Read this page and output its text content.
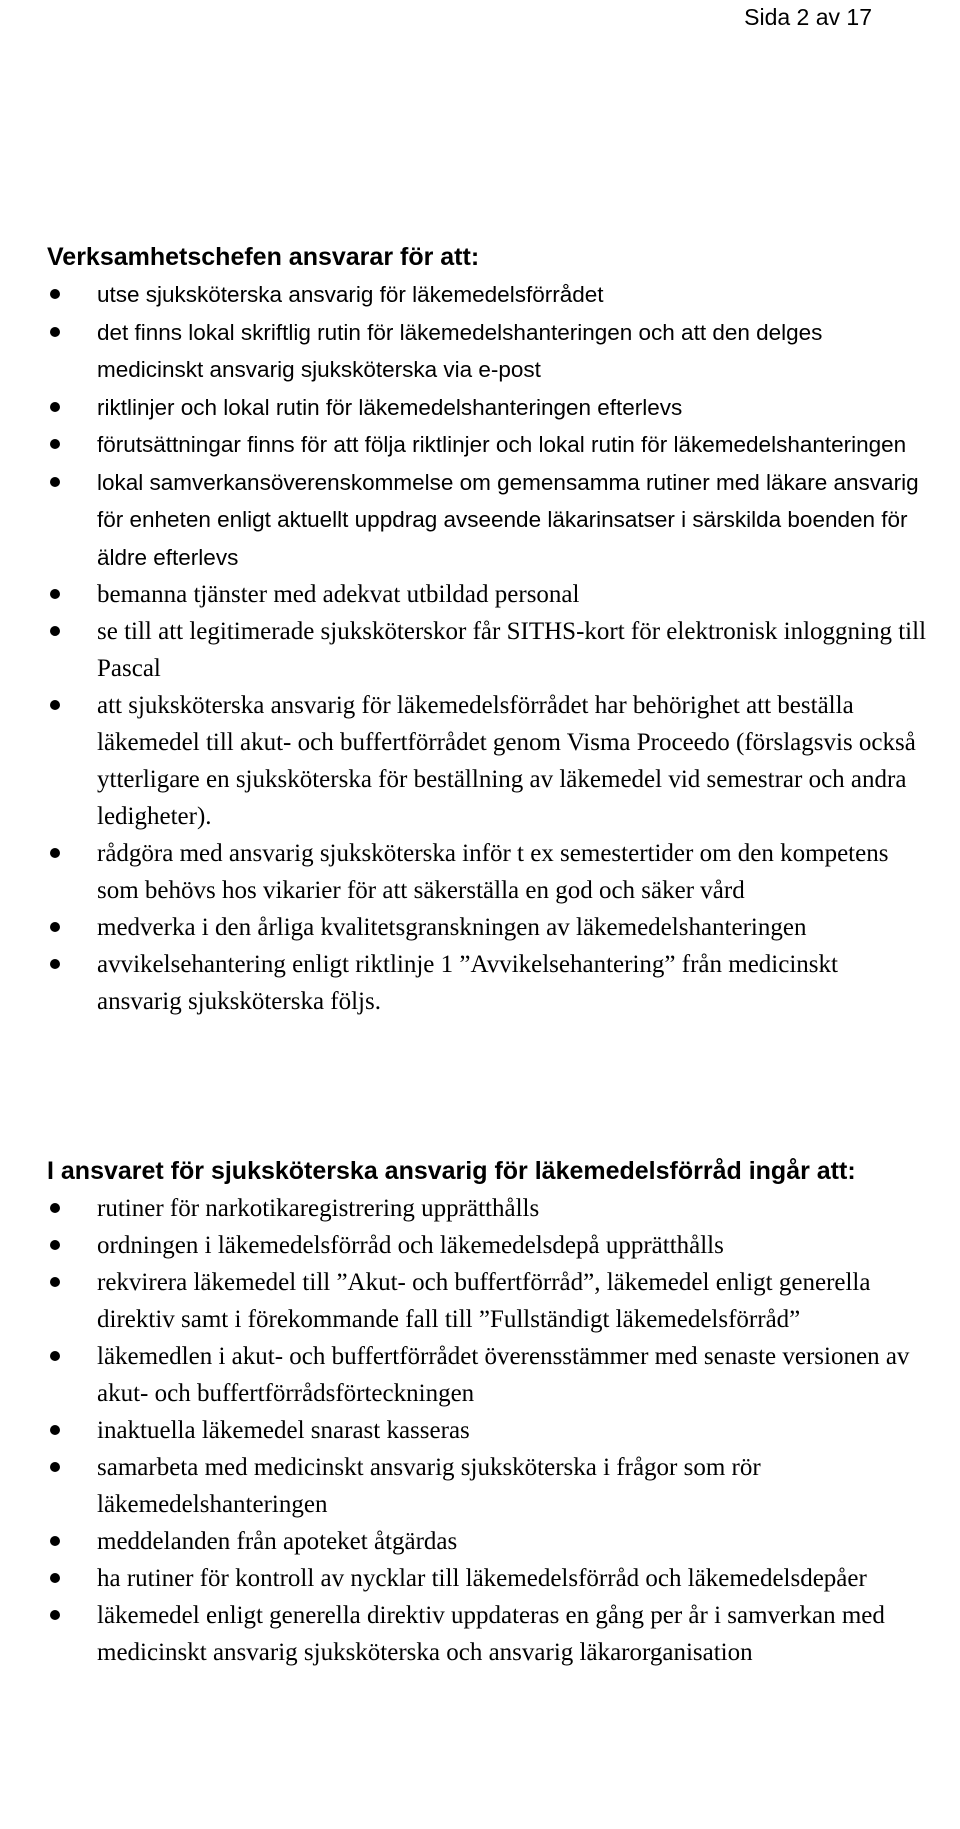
Sida 2 av 17
Verksamhetschefen ansvarar för att:
utse sjuksköterska ansvarig för läkemedelsförrådet
det finns lokal skriftlig rutin för läkemedelshanteringen och att den delges medicinskt ansvarig sjuksköterska via e-post
riktlinjer och lokal rutin för läkemedelshanteringen efterlevs
förutsättningar finns för att följa riktlinjer och lokal rutin för läkemedelshanteringen
lokal samverkansöverenskommelse om gemensamma rutiner med läkare ansvarig för enheten enligt aktuellt uppdrag avseende läkarinsatser i särskilda boenden för äldre efterlevs
bemanna tjänster med adekvat utbildad personal
se till att legitimerade sjuksköterskor får SITHS-kort för elektronisk inloggning till Pascal
att sjuksköterska ansvarig för läkemedelsförrådet har behörighet att beställa läkemedel till akut- och buffertförrådet genom Visma Proceedo (förslagsvis också ytterligare en sjuksköterska för beställning av läkemedel vid semestrar och andra ledigheter).
rådgöra med ansvarig sjuksköterska inför t ex semestertider om den kompetens som behövs hos vikarier för att säkerställa en god och säker vård
medverka i den årliga kvalitetsgranskningen av läkemedelshanteringen
avvikelsehantering enligt riktlinje 1 ”Avvikelsehantering” från medicinskt ansvarig sjuksköterska följs.
I ansvaret för sjuksköterska ansvarig för läkemedelsförråd ingår att:
rutiner för narkotikaregistrering upprätthålls
ordningen i läkemedelsförråd och läkemedelsdepå upprätthålls
rekvirera läkemedel till ”Akut- och buffertförråd”, läkemedel enligt generella direktiv samt i förekommande fall till ”Fullständigt läkemedelsförråd”
läkemedlen i akut- och buffertförrådet överensstämmer med senaste versionen av akut- och buffertförrådsförteckningen
inaktuella läkemedel snarast kasseras
samarbeta med medicinskt ansvarig sjuksköterska i frågor som rör läkemedelshanteringen
meddelanden från apoteket åtgärdas
ha rutiner för kontroll av nycklar till läkemedelsförråd och läkemedelsdepåer
läkemedel enligt generella direktiv uppdateras en gång per år i samverkan med medicinskt ansvarig sjuksköterska och ansvarig läkarorganisation
